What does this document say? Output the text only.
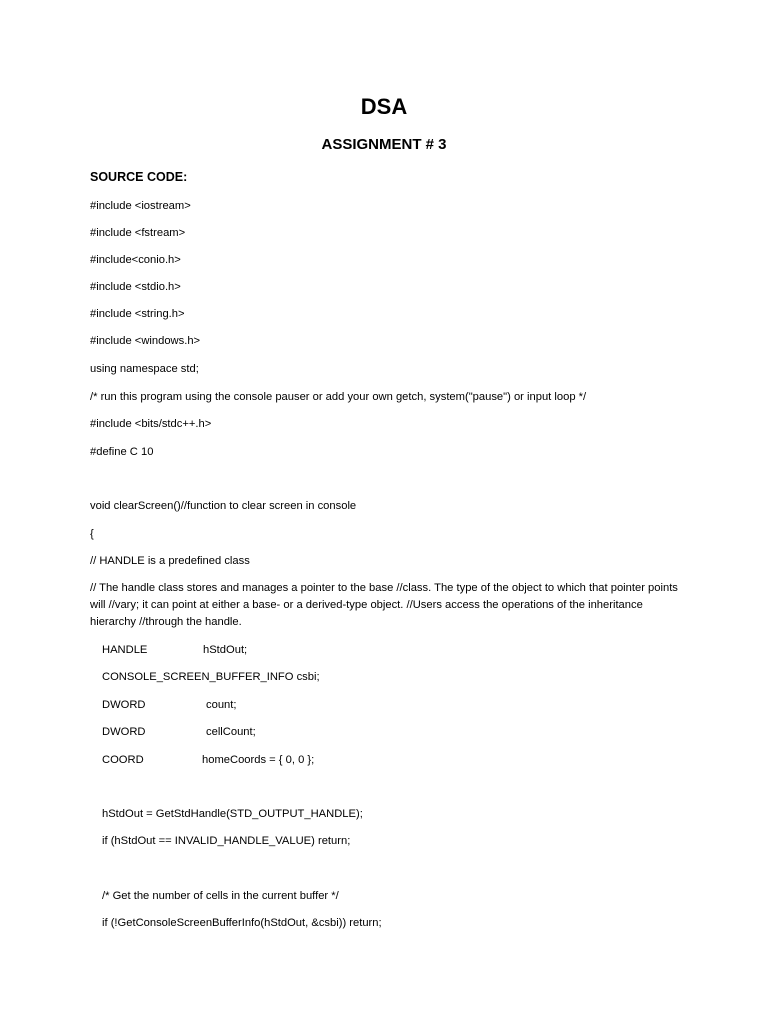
DSA
ASSIGNMENT # 3
SOURCE CODE:
#include <iostream>
#include <fstream>
#include<conio.h>
#include <stdio.h>
#include <string.h>
#include <windows.h>
using namespace std;
/* run this program using the console pauser or add your own getch, system("pause") or input loop */
#include <bits/stdc++.h>
#define C 10
void clearScreen()//function to clear screen in console
{
// HANDLE is a predefined class
// The handle class stores and manages a pointer to the base //class. The type of the object to which that pointer points will //vary; it can point at either a base- or a derived-type object. //Users access the operations of the inheritance hierarchy //through the handle.
HANDLE	hStdOut;
CONSOLE_SCREEN_BUFFER_INFO csbi;
DWORD	count;
DWORD	cellCount;
COORD	homeCoords = { 0, 0 };
hStdOut = GetStdHandle(STD_OUTPUT_HANDLE);
if (hStdOut == INVALID_HANDLE_VALUE) return;
/* Get the number of cells in the current buffer */
if (!GetConsoleScreenBufferInfo(hStdOut, &csbi)) return;
